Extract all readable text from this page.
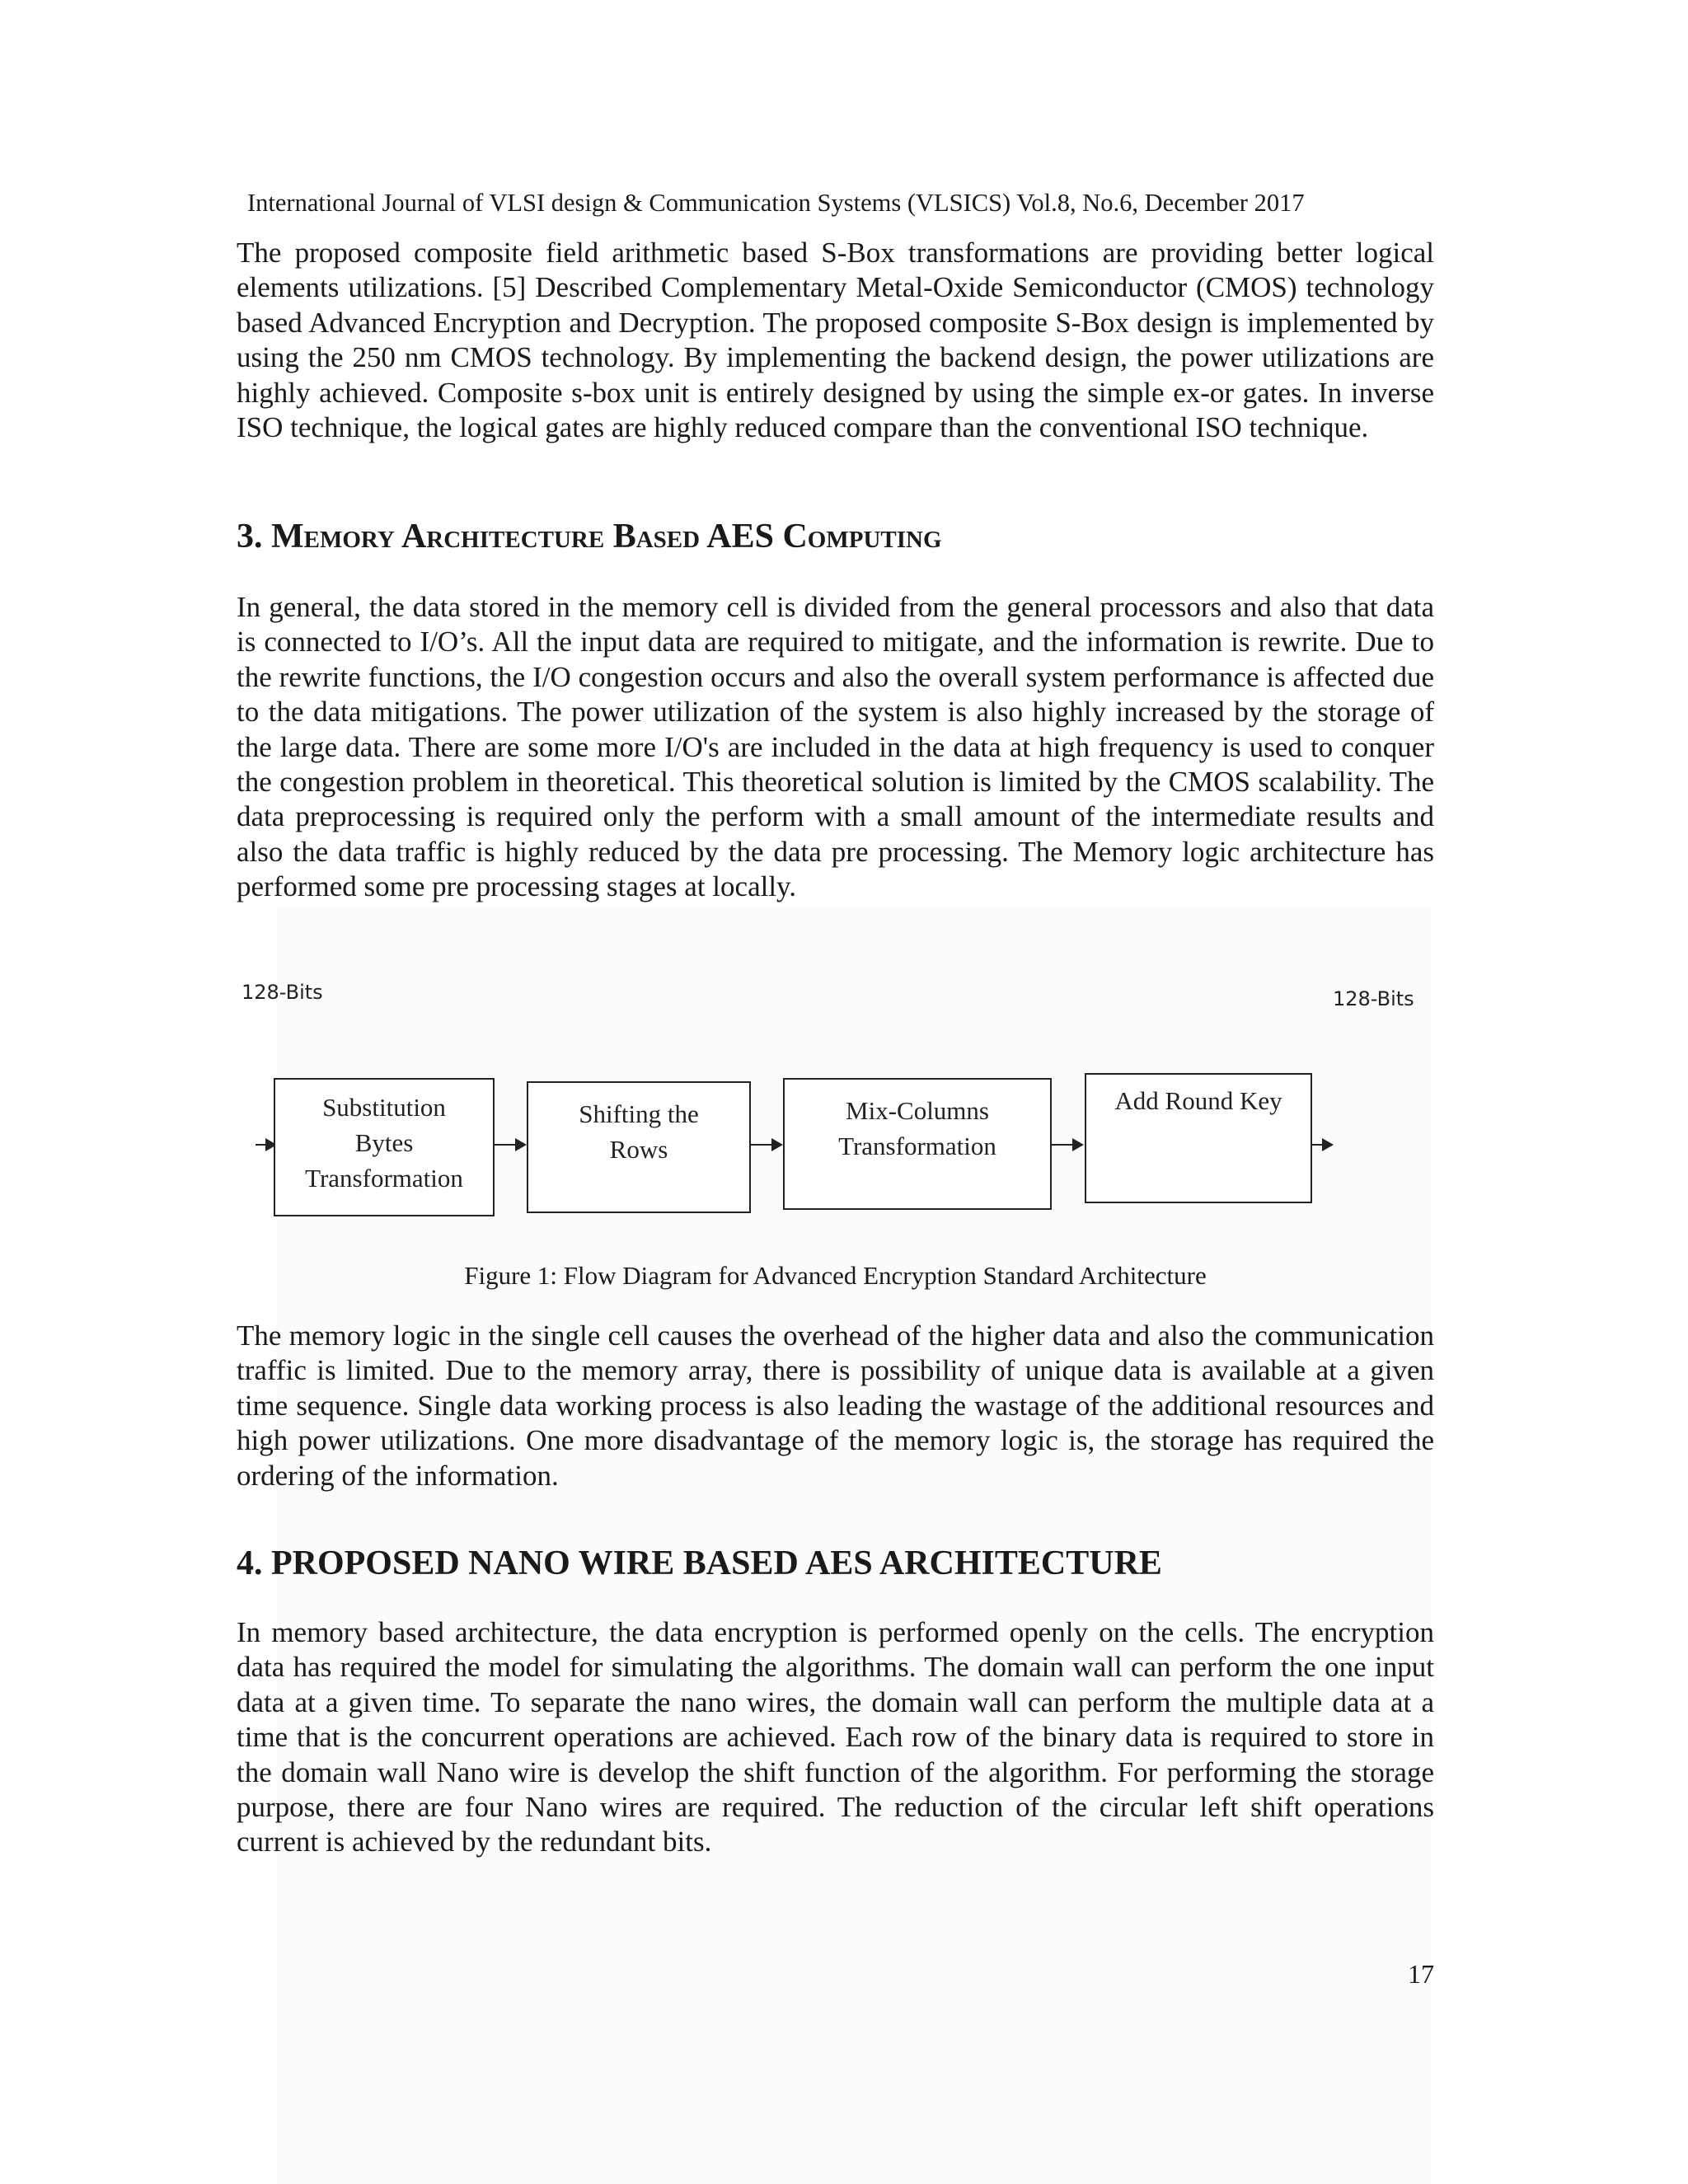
International Journal of VLSI design & Communication Systems (VLSICS) Vol.8, No.6, December 2017

The proposed composite field arithmetic based S-Box transformations are providing better logical elements utilizations. [5] Described Complementary Metal-Oxide Semiconductor (CMOS) technology based Advanced Encryption and Decryption. The proposed composite S-Box design is implemented by using the 250 nm CMOS technology. By implementing the backend design, the power utilizations are highly achieved. Composite s-box unit is entirely designed by using the simple ex-or gates. In inverse ISO technique, the logical gates are highly reduced compare than the conventional ISO technique.

3. Memory Architecture Based AES Computing

In general, the data stored in the memory cell is divided from the general processors and also that data is connected to I/O’s. All the input data are required to mitigate, and the information is rewrite. Due to the rewrite functions, the I/O congestion occurs and also the overall system performance is affected due to the data mitigations. The power utilization of the system is also highly increased by the storage of the large data. There are some more I/O's are included in the data at high frequency is used to conquer the congestion problem in theoretical. This theoretical solution is limited by the CMOS scalability. The data preprocessing is required only the perform with a small amount of the intermediate results and also the data traffic is highly reduced by the data pre processing. The Memory logic architecture has performed some pre processing stages at locally.

128-Bits	128-Bits
Substitution
Bytes
Transformation
Shifting the
Rows
Mix-Columns
Transformation
Add Round Key
Figure 1: Flow Diagram for Advanced Encryption Standard Architecture

The memory logic in the single cell causes the overhead of the higher data and also the communication traffic is limited. Due to the memory array, there is possibility of unique data is available at a given time sequence. Single data working process is also leading the wastage of the additional resources and high power utilizations. One more disadvantage of the memory logic is, the storage has required the ordering of the information.

4. PROPOSED NANO WIRE BASED AES ARCHITECTURE

In memory based architecture, the data encryption is performed openly on the cells. The encryption data has required the model for simulating the algorithms. The domain wall can perform the one input data at a given time. To separate the nano wires, the domain wall can perform the multiple data at a time that is the concurrent operations are achieved. Each row of the binary data is required to store in the domain wall Nano wire is develop the shift function of the algorithm. For performing the storage purpose, there are four Nano wires are required. The reduction of the circular left shift operations current is achieved by the redundant bits.

17
